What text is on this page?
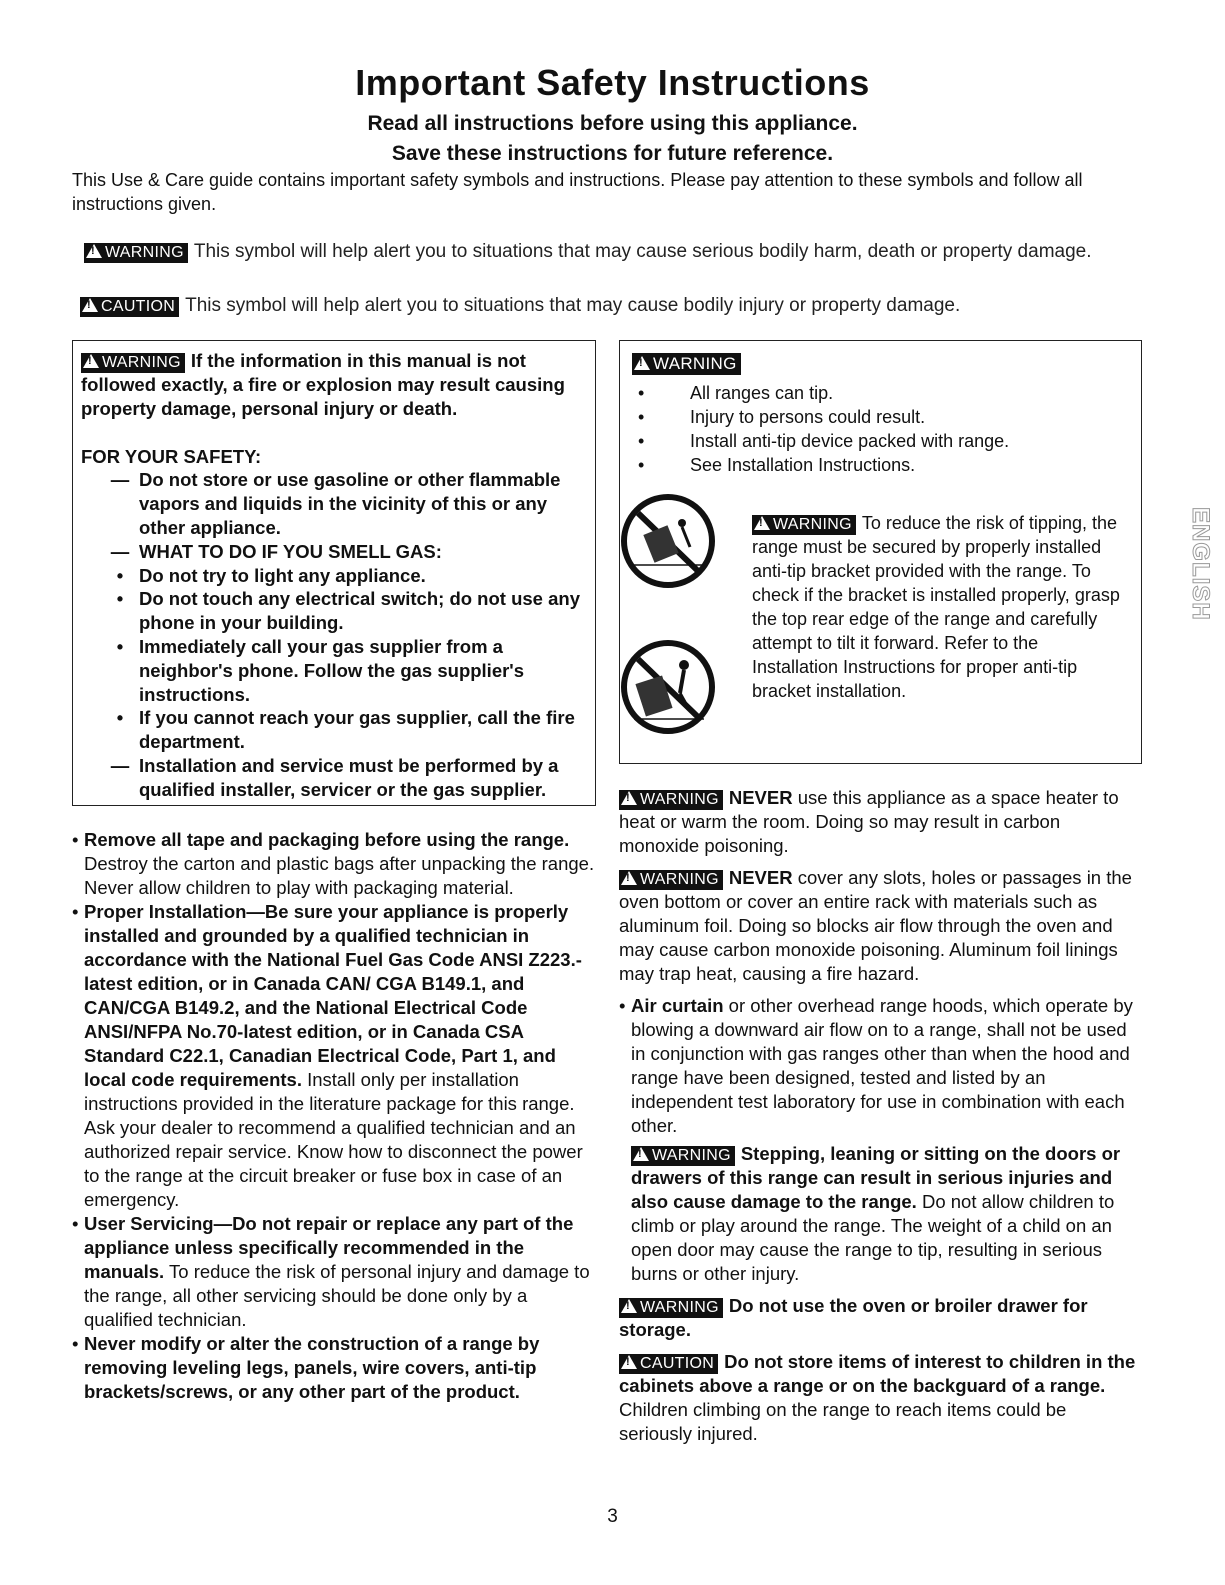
Important Safety Instructions

Read all instructions before using this appliance.

Save these instructions for future reference.

This Use & Care guide contains important safety symbols and instructions. Please pay attention to these symbols and follow all instructions given.

!WARNING This symbol will help alert you to situations that may cause serious bodily harm, death or property damage.
!CAUTION This symbol will help alert you to situations that may cause bodily injury or property damage.

!WARNING If the information in this manual is not followed exactly, a fire or explosion may result causing property damage, personal injury or death.

FOR YOUR SAFETY:

— Do not store or use gasoline or other flammable vapors and liquids in the vicinity of this or any other appliance.
— WHAT TO DO IF YOU SMELL GAS:
• Do not try to light any appliance.
• Do not touch any electrical switch; do not use any phone in your building.
• Immediately call your gas supplier from a neighbor's phone. Follow the gas supplier's instructions.
• If you cannot reach your gas supplier, call the fire department.
— Installation and service must be performed by a qualified installer, servicer or the gas supplier.
!WARNING
•	All ranges can tip.
•	Injury to persons could result.
•	Install anti-tip device packed with range.
•	See Installation Instructions.
!WARNING To reduce the risk of tipping, the range must be secured by properly installed anti-tip bracket provided with the range. To check if the bracket is installed properly, grasp the top rear edge of the range and carefully attempt to tilt it forward. Refer to the Installation Instructions for proper anti-tip bracket installation.

• Remove all tape and packaging before using the range. Destroy the carton and plastic bags after unpacking the range. Never allow children to play with packaging material.

• Proper Installation—Be sure your appliance is properly installed and grounded by a qualified technician in accordance with the National Fuel Gas Code ANSI Z223.- latest edition, or in Canada CAN/ CGA B149.1, and CAN/CGA B149.2, and the National Electrical Code ANSI/NFPA No.70-latest edition, or in Canada CSA Standard C22.1, Canadian Electrical Code, Part 1, and local code requirements. Install only per installation instructions provided in the literature package for this range.

Ask your dealer to recommend a qualified technician and an authorized repair service. Know how to disconnect the power to the range at the circuit breaker or fuse box in case of an emergency.

• User Servicing—Do not repair or replace any part of the appliance unless specifically recommended in the manuals. To reduce the risk of personal injury and damage to the range, all other servicing should be done only by a qualified technician.

• Never modify or alter the construction of a range by removing leveling legs, panels, wire covers, anti-tip brackets/screws, or any other part of the product.

!WARNING NEVER use this appliance as a space heater to heat or warm the room. Doing so may result in carbon monoxide poisoning.

!WARNING NEVER cover any slots, holes or passages in the oven bottom or cover an entire rack with materials such as aluminum foil. Doing so blocks air flow through the oven and may cause carbon monoxide poisoning. Aluminum foil linings may trap heat, causing a fire hazard.

• Air curtain or other overhead range hoods, which operate by blowing a downward air flow on to a range, shall not be used in conjunction with gas ranges other than when the hood and range have been designed, tested and listed by an independent test laboratory for use in combination with each other.

!WARNING Stepping, leaning or sitting on the doors or drawers of this range can result in serious injuries and also cause damage to the range. Do not allow children to climb or play around the range. The weight of a child on an open door may cause the range to tip, resulting in serious burns or other injury.

!WARNING Do not use the oven or broiler drawer for storage.

!CAUTION Do not store items of interest to children in the cabinets above a range or on the backguard of a range. Children climbing on the range to reach items could be seriously injured.

ENGLISH
3
